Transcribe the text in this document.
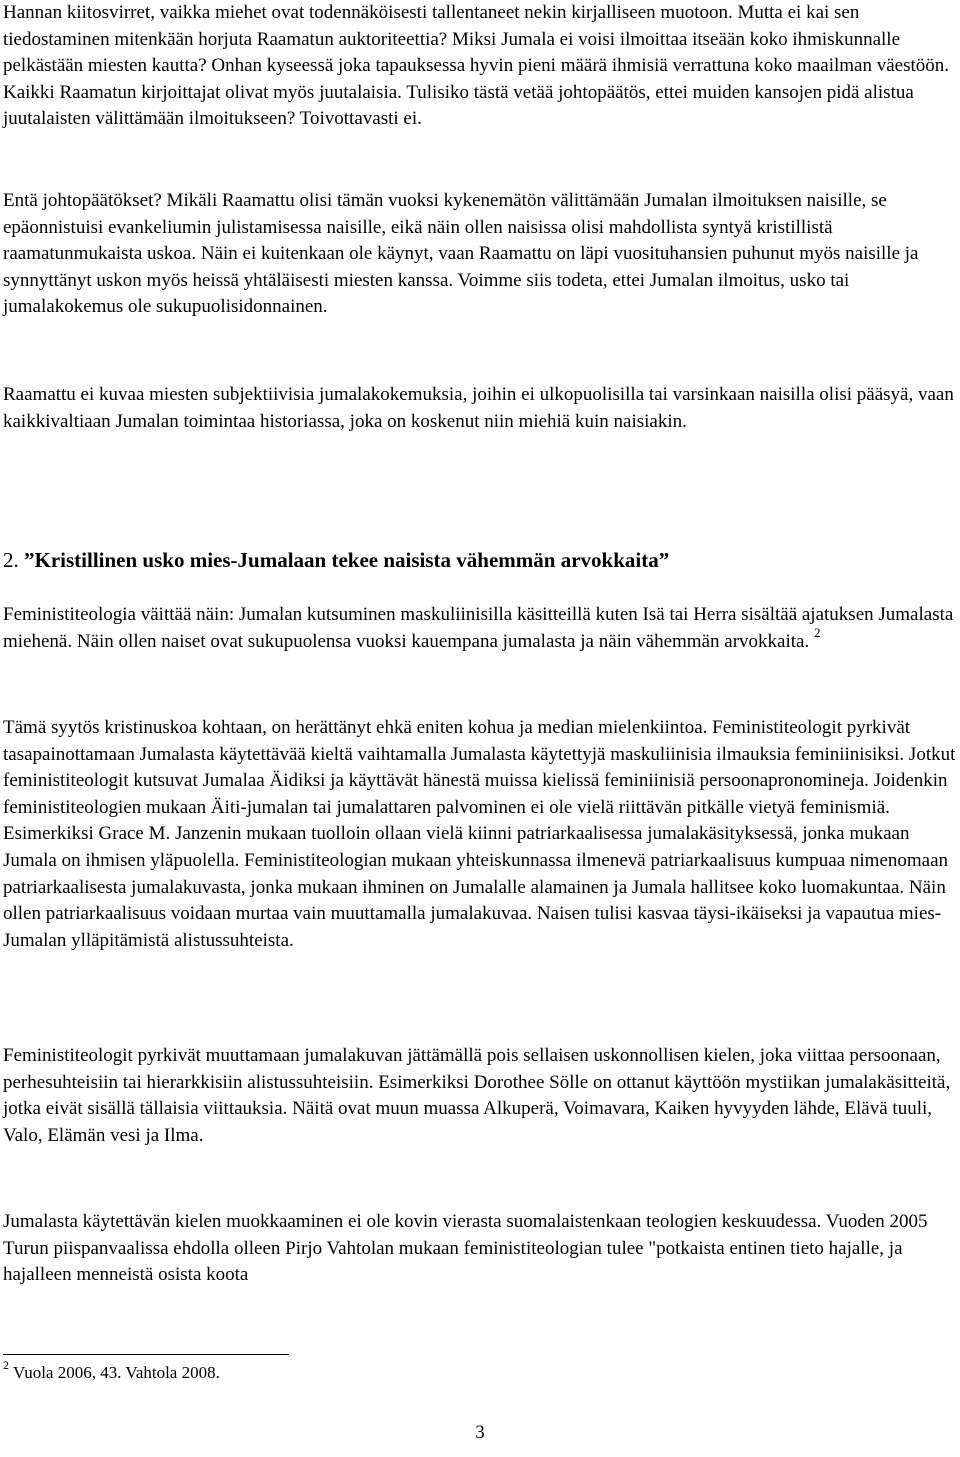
Hannan kiitosvirret, vaikka miehet ovat todennäköisesti tallentaneet nekin kirjalliseen muotoon. Mutta ei kai sen tiedostaminen mitenkään horjuta Raamatun auktoriteettia? Miksi Jumala ei voisi ilmoittaa itseään koko ihmiskunnalle pelkästään miesten kautta? Onhan kyseessä joka tapauksessa hyvin pieni määrä ihmisiä verrattuna koko maailman väestöön. Kaikki Raamatun kirjoittajat olivat myös juutalaisia. Tulisiko tästä vetää johtopäätös, ettei muiden kansojen pidä alistua juutalaisten välittämään ilmoitukseen? Toivottavasti ei.

Entä johtopäätökset? Mikäli Raamattu olisi tämän vuoksi kykenemätön välittämään Jumalan ilmoituksen naisille, se epäonnistuisi evankeliumin julistamisessa naisille, eikä näin ollen naisissa olisi mahdollista syntyä kristillistä raamatunmukaista uskoa. Näin ei kuitenkaan ole käynyt, vaan Raamattu on läpi vuosituhansien puhunut myös naisille ja synnyttänyt uskon myös heissä yhtäläisesti miesten kanssa. Voimme siis todeta, ettei Jumalan ilmoitus, usko tai jumalakokemus ole sukupuolisidonnainen.

Raamattu ei kuvaa miesten subjektiivisia jumalakokemuksia, joihin ei ulkopuolisilla tai varsinkaan naisilla olisi pääsyä, vaan kaikkivaltiaan Jumalan toimintaa historiassa, joka on koskenut niin miehiä kuin naisiakin.

2. ”Kristillinen usko mies-Jumalaan tekee naisista vähemmän arvokkaita”

Feministiteologia väittää näin: Jumalan kutsuminen maskuliinisilla käsitteillä kuten Isä tai Herra sisältää ajatuksen Jumalasta miehenä. Näin ollen naiset ovat sukupuolensa vuoksi kauempana jumalasta ja näin vähemmän arvokkaita. $^2$

Tämä syytös kristinuskoa kohtaan, on herättänyt ehkä eniten kohua ja median mielenkiintoa. Feministiteologit pyrkivät tasapainottamaan Jumalasta käytettävää kieltä vaihtamalla Jumalasta käytettyjä maskuliinisia ilmauksia feminiinisiksi. Jotkut feministiteologit kutsuvat Jumalaa Äidiksi ja käyttävät hänestä muissa kielissä feminiinisiä persoonapronomineja. Joidenkin feministiteologien mukaan Äiti-jumalan tai jumalattaren palvominen ei ole vielä riittävän pitkälle vietyä feminismiä. Esimerkiksi Grace M. Janzenin mukaan tuolloin ollaan vielä kiinni patriarkaalisessa jumalakäsityksessä, jonka mukaan Jumala on ihmisen yläpuolella. Feministiteologian mukaan yhteiskunnassa ilmenevä patriarkaalisuus kumpuaa nimenomaan patriarkaalisesta jumalakuvasta, jonka mukaan ihminen on Jumalalle alamainen ja Jumala hallitsee koko luomakuntaa. Näin ollen patriarkaalisuus voidaan murtaa vain muuttamalla jumalakuvaa. Naisen tulisi kasvaa täysi-ikäiseksi ja vapautua mies-Jumalan ylläpitämistä alistussuhteista.

Feministiteologit pyrkivät muuttamaan jumalakuvan jättämällä pois sellaisen uskonnollisen kielen, joka viittaa persoonaan, perhesuhteisiin tai hierarkkisiin alistussuhteisiin. Esimerkiksi Dorothee Sölle on ottanut käyttöön mystiikan jumalakäsitteitä, jotka eivät sisällä tällaisia viittauksia. Näitä ovat muun muassa Alkuperä, Voimavara, Kaiken hyvyyden lähde, Elävä tuuli, Valo, Elämän vesi ja Ilma.

Jumalasta käytettävän kielen muokkaaminen ei ole kovin vierasta suomalaistenkaan teologien keskuudessa. Vuoden 2005 Turun piispanvaalissa ehdolla olleen Pirjo Vahtolan mukaan feministiteologian tulee "potkaista entinen tieto hajalle, ja hajalleen menneistä osista koota

$^2$ Vuola 2006, 43. Vahtola 2008.

3
